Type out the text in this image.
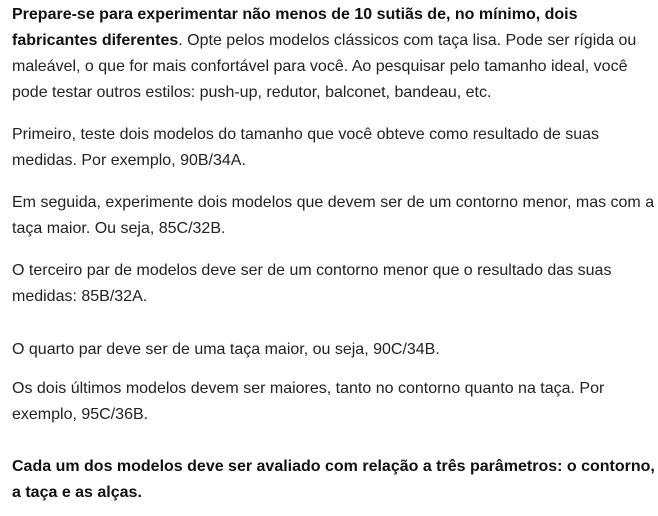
Prepare-se para experimentar não menos de 10 sutiãs de, no mínimo, dois fabricantes diferentes. Opte pelos modelos clássicos com taça lisa. Pode ser rígida ou maleável, o que for mais confortável para você. Ao pesquisar pelo tamanho ideal, você pode testar outros estilos: push-up, redutor, balconet, bandeau, etc.

Primeiro, teste dois modelos do tamanho que você obteve como resultado de suas medidas. Por exemplo, 90B/34A.

Em seguida, experimente dois modelos que devem ser de um contorno menor, mas com a taça maior. Ou seja, 85C/32B.

O terceiro par de modelos deve ser de um contorno menor que o resultado das suas medidas: 85B/32A.

O quarto par deve ser de uma taça maior, ou seja, 90C/34B.

Os dois últimos modelos devem ser maiores, tanto no contorno quanto na taça. Por exemplo, 95C/36B.

Cada um dos modelos deve ser avaliado com relação a três parâmetros: o contorno, a taça e as alças.
